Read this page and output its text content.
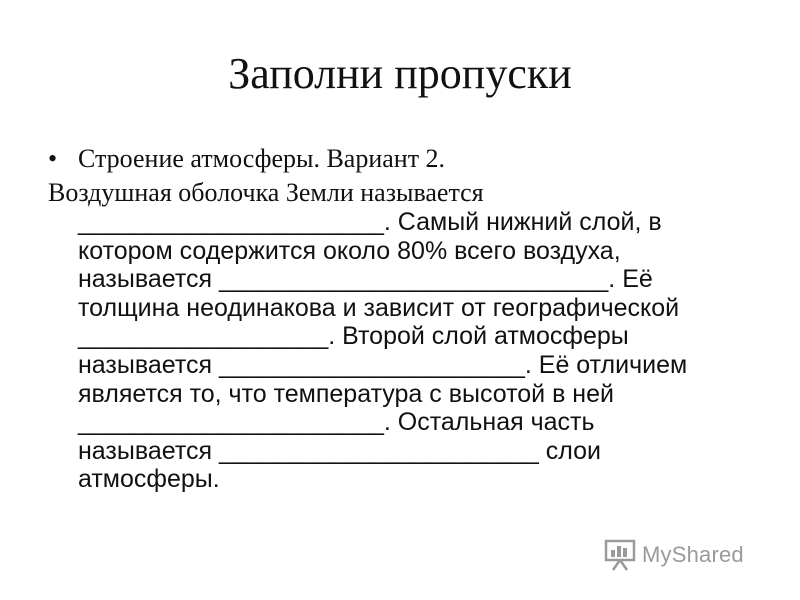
Заполни пропуски
• Строение атмосферы. Вариант 2.
Воздушная оболочка Земли называется
______________________. Самый нижний слой, в
котором содержится около 80% всего воздуха,
называется ____________________________. Её
толщина неодинакова и зависит от географической
__________________. Второй слой атмосферы
называется ______________________. Её отличием
является то, что температура с высотой в ней
______________________. Остальная часть
называется _______________________ слои
атмосферы.
MyShared
